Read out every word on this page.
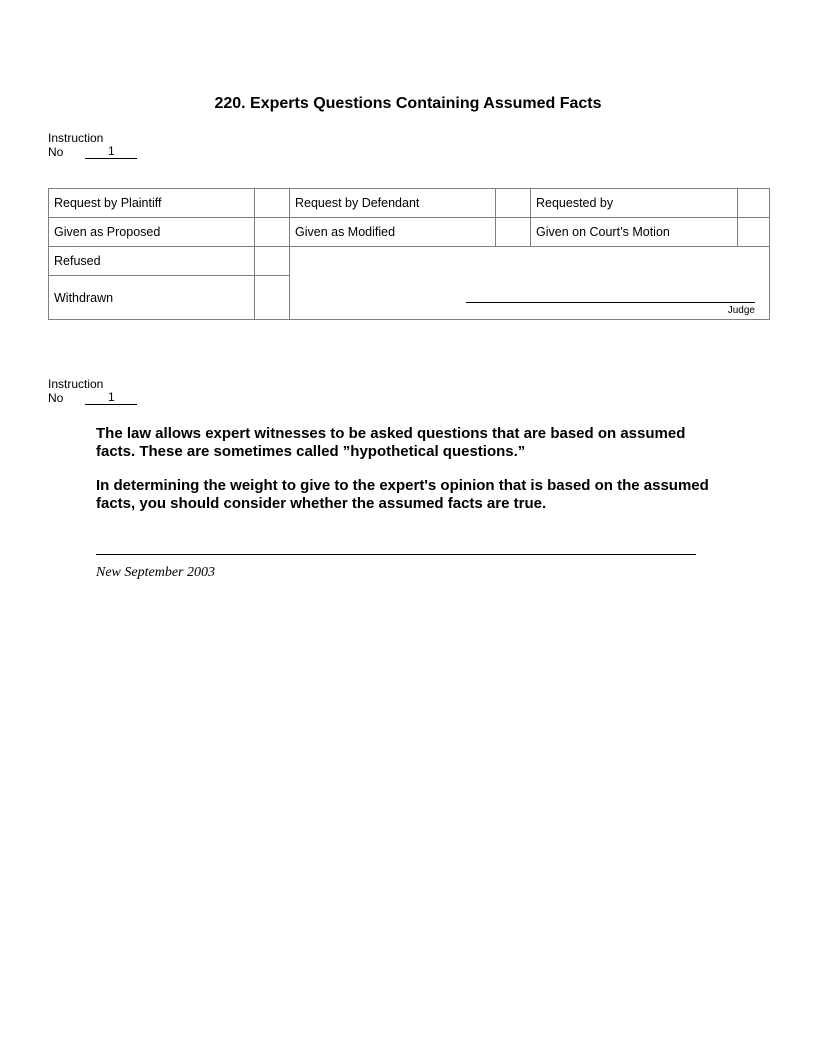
220. Experts Questions Containing Assumed Facts
Instruction
No	1
Request by Plaintiff		Request by Defendant		Requested by	
Given as Proposed		Given as Modified		Given on Court’s Motion	
Refused		Judge			

Withdrawn					
Instruction
No	1

The law allows expert witnesses to be asked questions that are based on assumed facts. These are sometimes called ”hypothetical questions.”

In determining the weight to give to the expert's opinion that is based on the assumed facts, you should consider whether the assumed facts are true.

New September 2003
